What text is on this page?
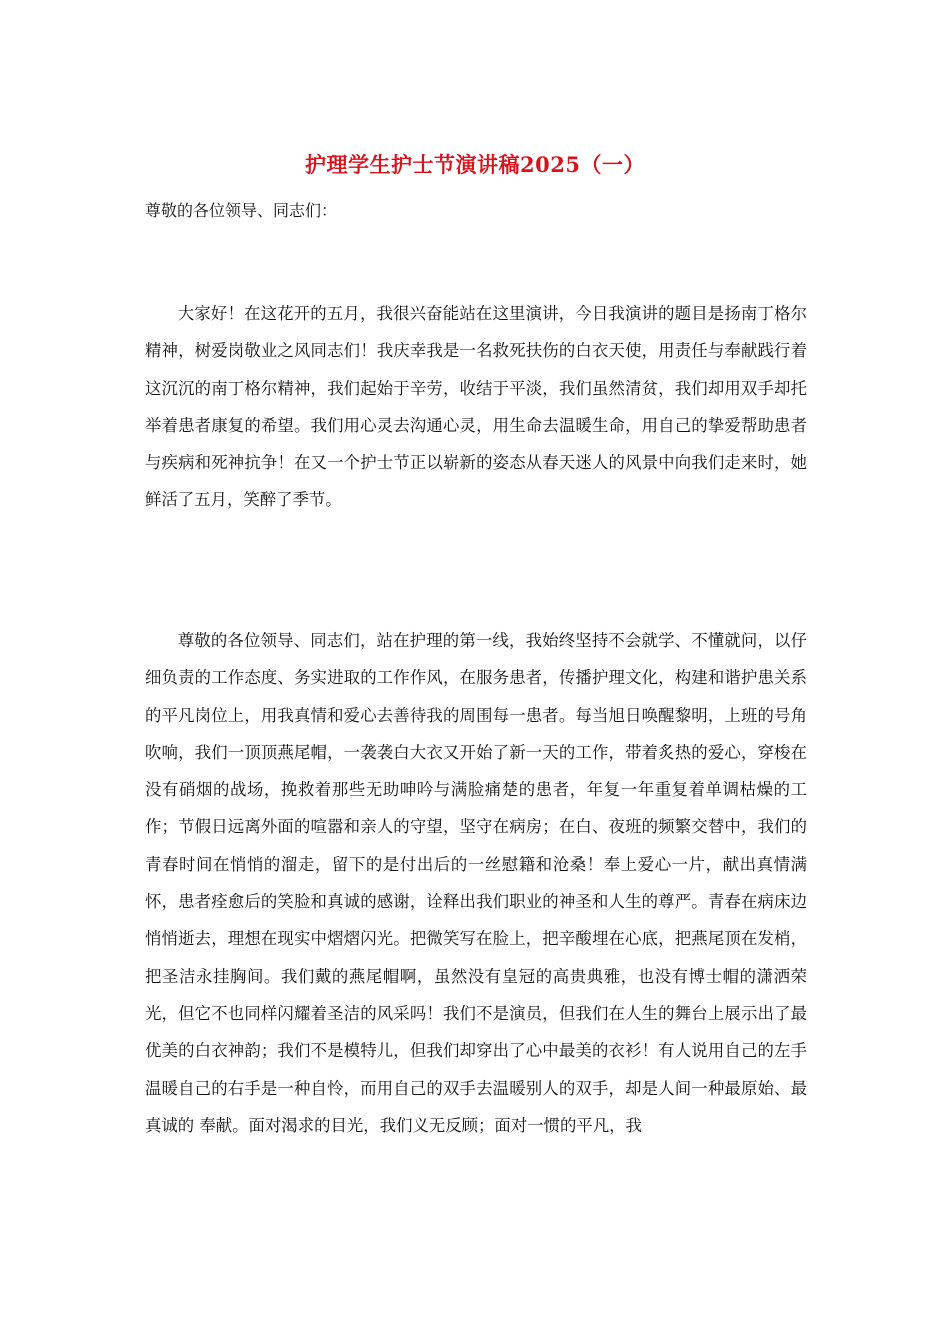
护理学生护士节演讲稿2025（一）
尊敬的各位领导、同志们：

大家好！在这花开的五月，我很兴奋能站在这里演讲，今日我演讲的题目是扬南丁格尔精神，树爱岗敬业之风同志们！我庆幸我是一名救死扶伤的白衣天使，用责任与奉献践行着这沉沉的南丁格尔精神，我们起始于辛劳，收结于平淡，我们虽然清贫，我们却用双手却托举着患者康复的希望。我们用心灵去沟通心灵，用生命去温暖生命，用自己的挚爱帮助患者与疾病和死神抗争！在又一个护士节正以崭新的姿态从春天迷人的风景中向我们走来时，她鲜活了五月，笑醉了季节。

尊敬的各位领导、同志们，站在护理的第一线，我始终坚持不会就学、不懂就问，以仔细负责的工作态度、务实进取的工作作风，在服务患者，传播护理文化，构建和谐护患关系的平凡岗位上，用我真情和爱心去善待我的周围每一患者。每当旭日唤醒黎明，上班的号角吹响，我们一顶顶燕尾帽，一袭袭白大衣又开始了新一天的工作，带着炙热的爱心，穿梭在没有硝烟的战场，挽救着那些无助呻吟与满脸痛楚的患者，年复一年重复着单调枯燥的工作；节假日远离外面的喧嚣和亲人的守望，坚守在病房；在白、夜班的频繁交替中，我们的青春时间在悄悄的溜走，留下的是付出后的一丝慰籍和沧桑！奉上爱心一片，献出真情满怀，患者痊愈后的笑脸和真诚的感谢，诠释出我们职业的神圣和人生的尊严。青春在病床边悄悄逝去，理想在现实中熠熠闪光。把微笑写在脸上，把辛酸埋在心底，把燕尾顶在发梢，把圣洁永挂胸间。我们戴的燕尾帽啊，虽然没有皇冠的高贵典雅，也没有博士帽的潇洒荣光，但它不也同样闪耀着圣洁的风采吗！我们不是演员，但我们在人生的舞台上展示出了最优美的白衣神韵；我们不是模特儿，但我们却穿出了心中最美的衣衫！有人说用自己的左手温暖自己的右手是一种自怜，而用自己的双手去温暖别人的双手，却是人间一种最原始、最真诚的 奉献。面对渴求的目光，我们义无反顾；面对一惯的平凡，我
